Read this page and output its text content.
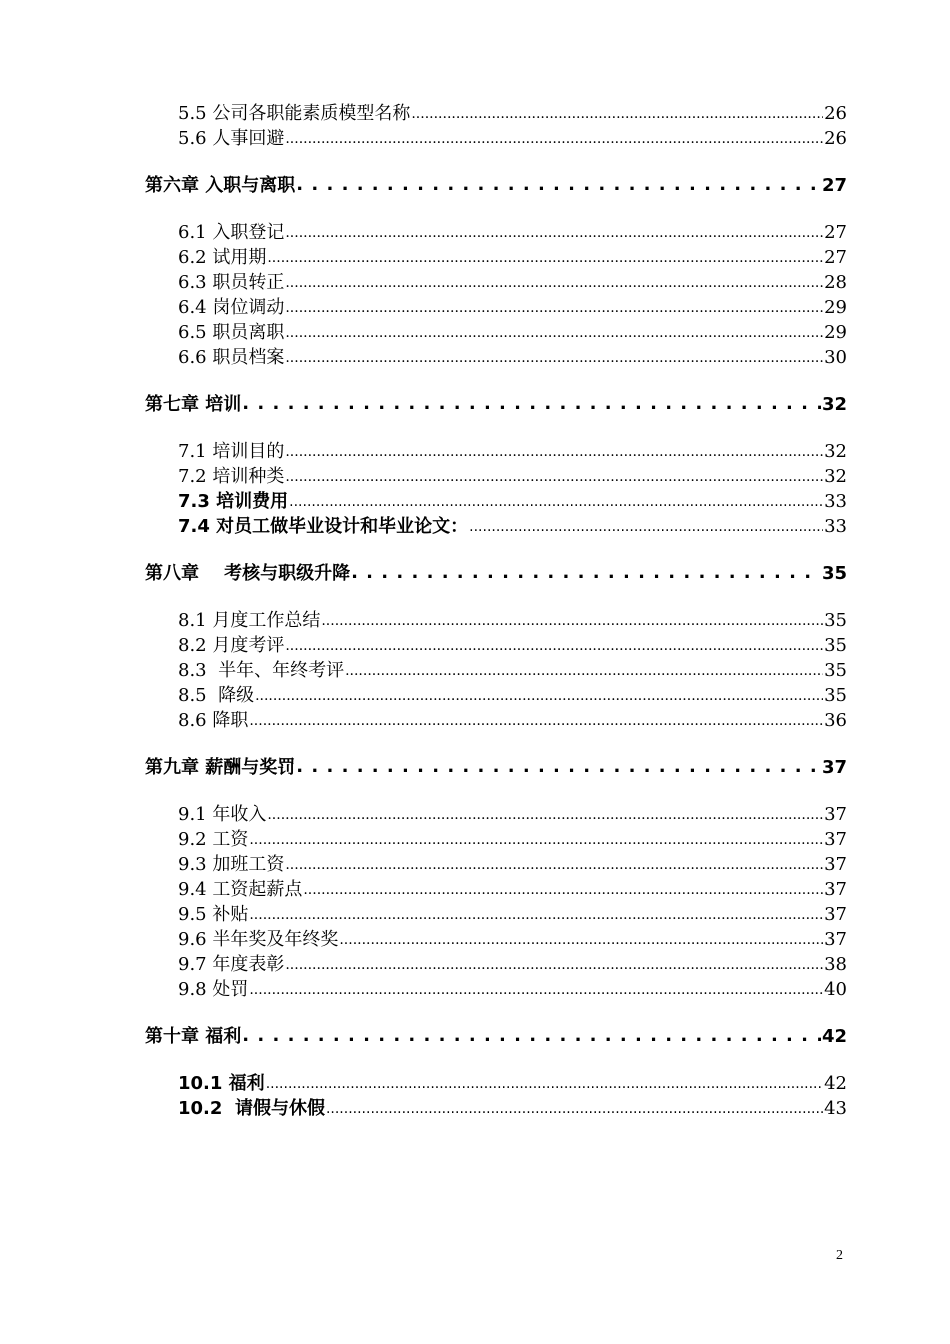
5.5 公司各职能素质模型名称 .....	26
5.6 人事回避 .....	26
第六章 入职与离职 . . .	27
6.1 入职登记 .....	27
6.2 试用期 .....	27
6.3 职员转正 .....	28
6.4 岗位调动 .....	29
6.5 职员离职 .....	29
6.6 职员档案 .....	30
第七章 培训 . . .	32
7.1 培训目的 .....	32
7.2 培训种类 .....	32
7.3 培训费用 .....	33
7.4 对员工做毕业设计和毕业论文： .....	33
第八章    考核与职级升降 . . .	35
8.1 月度工作总结 .....	35
8.2 月度考评 .....	35
8.3  半年、年终考评 .....	35
8.5  降级 .....	35
8.6 降职 .....	36
第九章 薪酬与奖罚 . . .	37
9.1 年收入 .....	37
9.2 工资 .....	37
9.3 加班工资 .....	37
9.4 工资起薪点 .....	37
9.5 补贴 .....	37
9.6 半年奖及年终奖 .....	37
9.7 年度表彰 .....	38
9.8 处罚 .....	40
第十章 福利 . . .	42
10.1 福利 .....	42
10.2  请假与休假 .....	43
2
